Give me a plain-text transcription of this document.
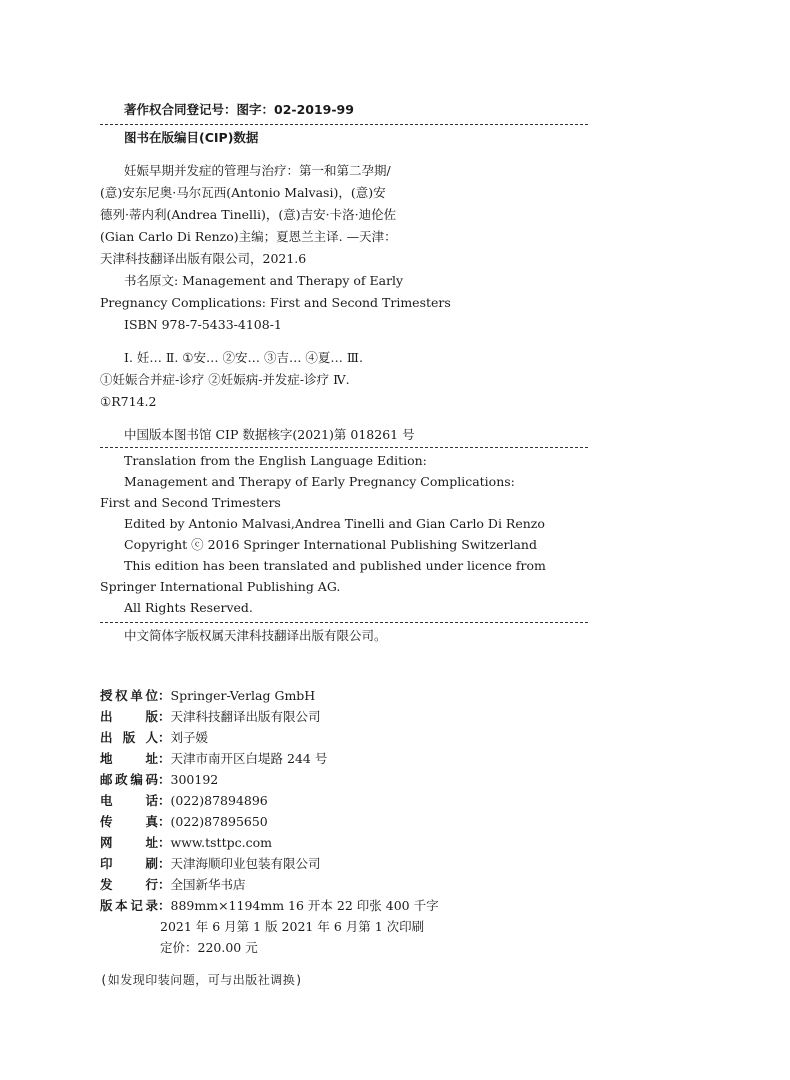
著作权合同登记号：图字：02-2019-99
图书在版编目(CIP)数据
妊娠早期并发症的管理与治疗：第一和第二孕期/
(意)安东尼奥·马尔瓦西(Antonio Malvasi)，(意)安
德列·蒂内利(Andrea Tinelli)，(意)吉安·卡洛·迪伦佐
(Gian Carlo Di Renzo)主编；夏恩兰主译. —天津：
天津科技翻译出版有限公司，2021.6
书名原文: Management and Therapy of Early
Pregnancy Complications: First and Second Trimesters
ISBN 978-7-5433-4108-1
Ⅰ. 妊… Ⅱ. ①安… ②安… ③吉… ④夏… Ⅲ.
①妊娠合并症-诊疗 ②妊娠病-并发症-诊疗 Ⅳ.
①R714.2
中国版本图书馆 CIP 数据核字(2021)第 018261 号
Translation from the English Language Edition:
Management and Therapy of Early Pregnancy Complications:
First and Second Trimesters
Edited by Antonio Malvasi,Andrea Tinelli and Gian Carlo Di Renzo
Copyright ⓒ 2016 Springer International Publishing Switzerland
This edition has been translated and published under licence from
Springer International Publishing AG.
All Rights Reserved.
中文简体字版权属天津科技翻译出版有限公司。
授权单位：Springer-Verlag GmbH
出版：天津科技翻译出版有限公司
出版人：刘子媛
地址：天津市南开区白堤路 244 号
邮政编码：300192
电话：(022)87894896
传真：(022)87895650
网址：www.tsttpc.com
印刷：天津海顺印业包装有限公司
发行：全国新华书店
版本记录：889mm×1194mm 16 开本 22 印张 400 千字
2021 年 6 月第 1 版 2021 年 6 月第 1 次印刷
定价：220.00 元
(如发现印装问题，可与出版社调换)
